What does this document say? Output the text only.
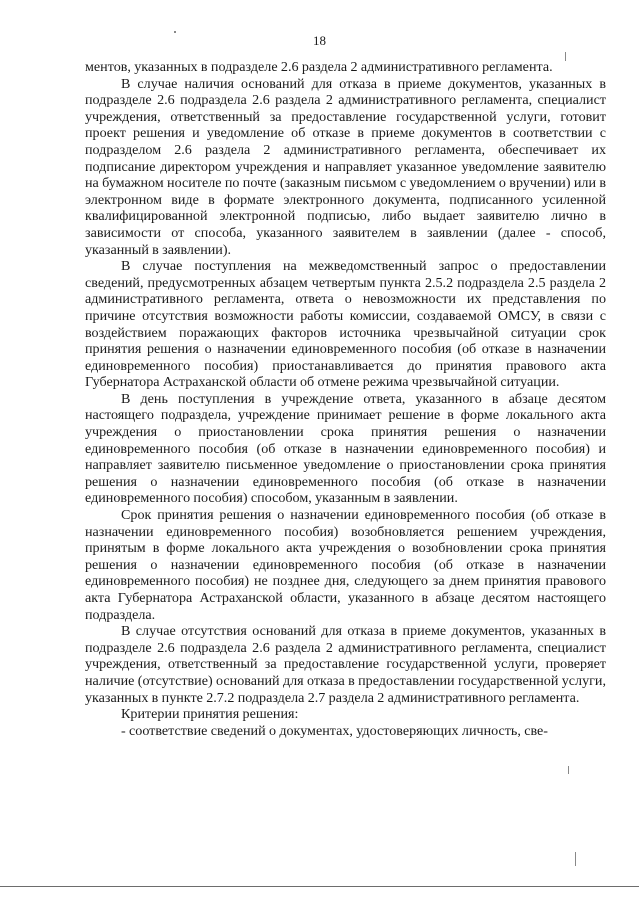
18

ментов, указанных в подразделе 2.6 раздела 2 административного регламента.

В случае наличия оснований для отказа в приеме документов, указанных в подразделе 2.6 подраздела 2.6 раздела 2 административного регламента, специалист учреждения, ответственный за предоставление государственной услуги, готовит проект решения и уведомление об отказе в приеме документов в соответствии с подразделом 2.6 раздела 2 административного регламента, обеспечивает их подписание директором учреждения и направляет указанное уведомление заявителю на бумажном носителе по почте (заказным письмом с уведомлением о вручении) или в электронном виде в формате электронного документа, подписанного усиленной квалифицированной электронной подписью, либо выдает заявителю лично в зависимости от способа, указанного заявителем в заявлении (далее - способ, указанный в заявлении).

В случае поступления на межведомственный запрос о предоставлении сведений, предусмотренных абзацем четвертым пункта 2.5.2 подраздела 2.5 раздела 2 административного регламента, ответа о невозможности их представления по причине отсутствия возможности работы комиссии, создаваемой ОМСУ, в связи с воздействием поражающих факторов источника чрезвычайной ситуации срок принятия решения о назначении единовременного пособия (об отказе в назначении единовременного пособия) приостанавливается до принятия правового акта Губернатора Астраханской области об отмене режима чрезвычайной ситуации.

В день поступления в учреждение ответа, указанного в абзаце десятом настоящего подраздела, учреждение принимает решение в форме локального акта учреждения о приостановлении срока принятия решения о назначении единовременного пособия (об отказе в назначении единовременного пособия) и направляет заявителю письменное уведомление о приостановлении срока принятия решения о назначении единовременного пособия (об отказе в назначении единовременного пособия) способом, указанным в заявлении.

Срок принятия решения о назначении единовременного пособия (об отказе в назначении единовременного пособия) возобновляется решением учреждения, принятым в форме локального акта учреждения о возобновлении срока принятия решения о назначении единовременного пособия (об отказе в назначении единовременного пособия) не позднее дня, следующего за днем принятия правового акта Губернатора Астраханской области, указанного в абзаце десятом настоящего подраздела.

В случае отсутствия оснований для отказа в приеме документов, указанных в подразделе 2.6 подраздела 2.6 раздела 2 административного регламента, специалист учреждения, ответственный за предоставление государственной услуги, проверяет наличие (отсутствие) оснований для отказа в предоставлении государственной услуги, указанных в пункте 2.7.2 подраздела 2.7 раздела 2 административного регламента.

Критерии принятия решения:

- соответствие сведений о документах, удостоверяющих личность, све-
